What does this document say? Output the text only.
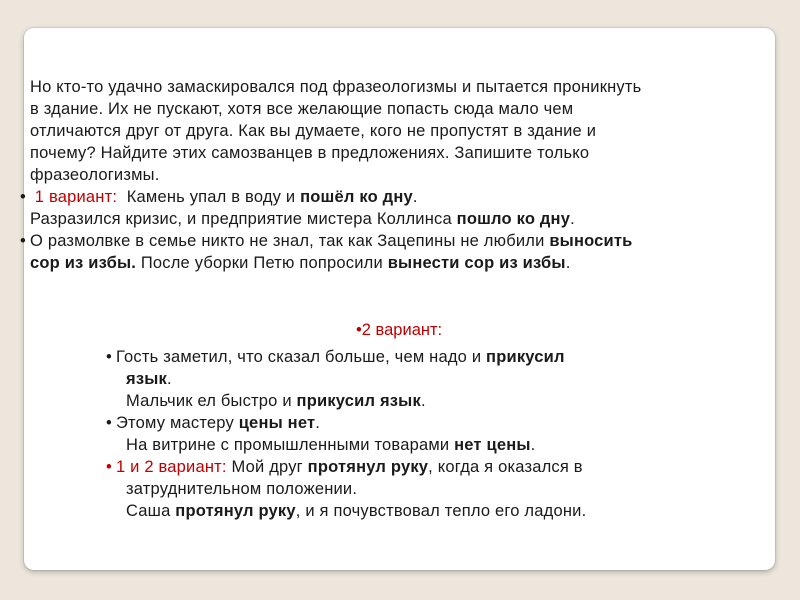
Но кто-то удачно замаскировался под фразеологизмы и пытается проникнуть

в здание. Их не пускают, хотя все желающие попасть сюда мало чем

отличаются друг от друга. Как вы думаете, кого не пропустят в здание и

почему? Найдите этих самозванцев в предложениях. Запишите только

фразеологизмы.

• 1 вариант: Камень упал в воду и пошёл ко дну.

Разразился кризис, и предприятие мистера Коллинса пошло ко дну.

• О размолвке в семье никто не знал, так как Зацепины не любили выносить

сор из избы. После уборки Петю попросили вынести сор из избы.

•2 вариант:

• Гость заметил, что сказал больше, чем надо и прикусил

язык.

Мальчик ел быстро и прикусил язык.

• Этому мастеру цены нет.

На витрине с промышленными товарами нет цены.

• 1 и 2 вариант: Мой друг протянул руку, когда я оказался в

затруднительном положении.

Саша протянул руку, и я почувствовал тепло его ладони.
